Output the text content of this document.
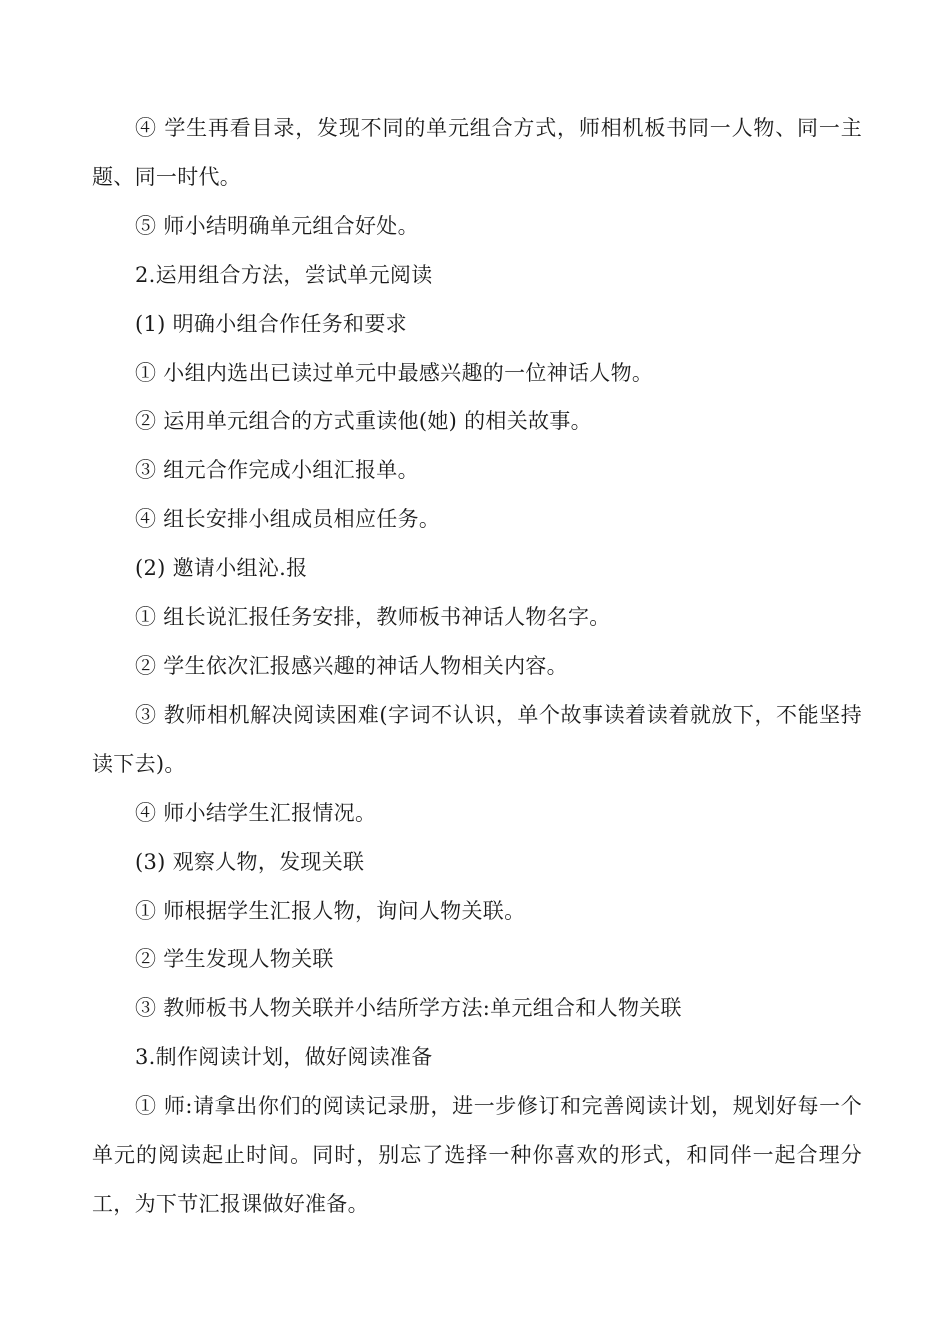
④ 学生再看目录，发现不同的单元组合方式，师相机板书同一人物、同一主题、同一时代。

⑤ 师小结明确单元组合好处。

2.运用组合方法，尝试单元阅读

(1) 明确小组合作任务和要求

① 小组内选出已读过单元中最感兴趣的一位神话人物。

② 运用单元组合的方式重读他(她) 的相关故事。

③ 组元合作完成小组汇报单。

④ 组长安排小组成员相应任务。

(2) 邀请小组沁.报

① 组长说汇报任务安排，教师板书神话人物名字。

② 学生依次汇报感兴趣的神话人物相关内容。

③ 教师相机解决阅读困难(字词不认识，单个故事读着读着就放下，不能坚持读下去)。

④ 师小结学生汇报情况。

(3) 观察人物，发现关联

① 师根据学生汇报人物，询问人物关联。

② 学生发现人物关联

③ 教师板书人物关联并小结所学方法:单元组合和人物关联

3.制作阅读计划，做好阅读准备

① 师:请拿出你们的阅读记录册，进一步修订和完善阅读计划，规划好每一个单元的阅读起止时间。同时，别忘了选择一种你喜欢的形式，和同伴一起合理分工，为下节汇报课做好准备。
